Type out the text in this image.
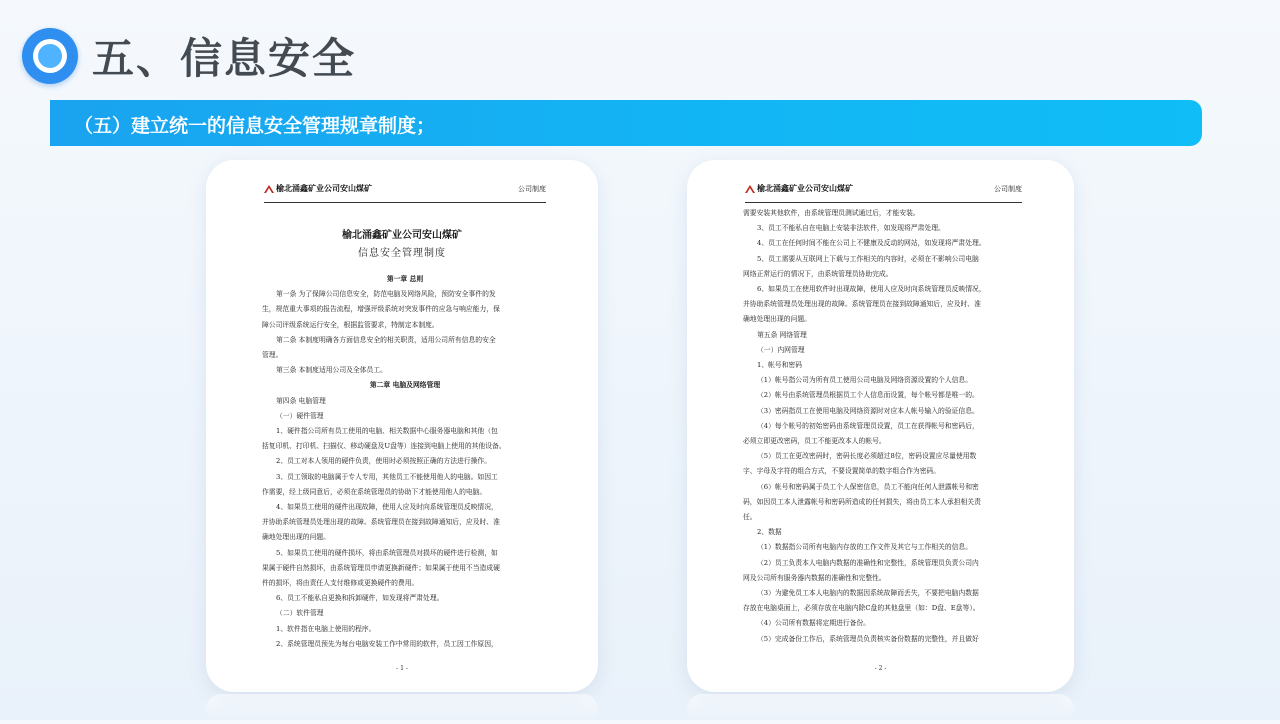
五、信息安全
（五）建立统一的信息安全管理规章制度；
榆北涌鑫矿业公司安山煤矿	公司制度
榆北涌鑫矿业公司安山煤矿
信息安全管理制度
第一章 总则
第一条 为了保障公司信息安全，防范电脑及网络风险，预防安全事件的发
生，规范重大事项的报告流程，增强评级系统对突发事件的应急与响应能力，保
障公司评级系统运行安全，根据监管要求，特制定本制度。
第二条 本制度明确各方面信息安全的相关职责，适用公司所有信息的安全
管理。
第三条 本制度适用公司及全体员工。
第二章 电脑及网络管理
第四条 电脑管理
（一）硬件管理
1、硬件指公司所有员工使用的电脑、相关数据中心服务器电脑和其他（包
括复印机、打印机、扫描仪、移动硬盘及U盘等）连接到电脑上使用的其他设备。
2、员工对本人领用的硬件负责，使用时必须按照正确的方法进行操作。
3、员工领取的电脑属于专人专用，其他员工不能使用他人的电脑。如因工
作需要，经上级同意后，必须在系统管理员的协助下才能使用他人的电脑。
4、如果员工使用的硬件出现故障，使用人应及时向系统管理员反映情况，
并协助系统管理员处理出现的故障。系统管理员在接到故障通知后，应及时、准
确地处理出现的问题。
5、如果员工使用的硬件损坏，将由系统管理员对损坏的硬件进行检测，如
果属于硬件自然损坏，由系统管理员申请更换新硬件；如果属于使用不当造成硬
件的损坏，将由责任人支付维修或更换硬件的费用。
6、员工不能私自更换和拆卸硬件，如发现将严肃处理。
（二）软件管理
1、软件指在电脑上使用的程序。
2、系统管理员预先为每台电脑安装工作中常用的软件，员工因工作原因，
- 1 -
榆北涌鑫矿业公司安山煤矿	公司制度
需要安装其他软件，由系统管理员测试通过后，才能安装。
3、员工不能私自在电脑上安装非法软件，如发现将严肃处理。
4、员工在任何时间不能在公司上不健康及反动的网站，如发现将严肃处理。
5、员工需要从互联网上下载与工作相关的内容时，必须在不影响公司电脑
网络正常运行的情况下，由系统管理员协助完成。
6、如果员工在使用软件时出现故障，使用人应及时向系统管理员反映情况，
并协助系统管理员处理出现的故障。系统管理员在接到故障通知后，应及时、准
确地处理出现的问题。
第五条 网络管理
（一）内网管理
1、帐号和密码
（1）帐号指公司为所有员工使用公司电脑及网络资源设置的个人信息。
（2）帐号由系统管理员根据员工个人信息而设置，每个帐号都是唯一的。
（3）密码指员工在使用电脑及网络资源时对应本人帐号输入的验证信息。
（4）每个帐号的初始密码由系统管理员设置，员工在获得帐号和密码后，
必须立即更改密码，员工不能更改本人的帐号。
（5）员工在更改密码时，密码长度必须超过8位，密码设置应尽量使用数
字、字母及字符的组合方式，不要设置简单的数字组合作为密码。
（6）帐号和密码属于员工个人保密信息，员工不能向任何人泄露帐号和密
码，如因员工本人泄露帐号和密码所造成的任何损失，将由员工本人承担相关责
任。
2、数据
（1）数据指公司所有电脑内存放的工作文件及其它与工作相关的信息。
（2）员工负责本人电脑内数据的准确性和完整性，系统管理员负责公司内
网及公司所有服务器内数据的准确性和完整性。
（3）为避免员工本人电脑内的数据因系统故障而丢失，不要把电脑内数据
存放在电脑桌面上，必须存放在电脑内除C盘的其他盘里（如：D盘、E盘等）。
（4）公司所有数据将定期进行备份。
（5）完成备份工作后，系统管理员负责核实备份数据的完整性，并且做好
- 2 -
